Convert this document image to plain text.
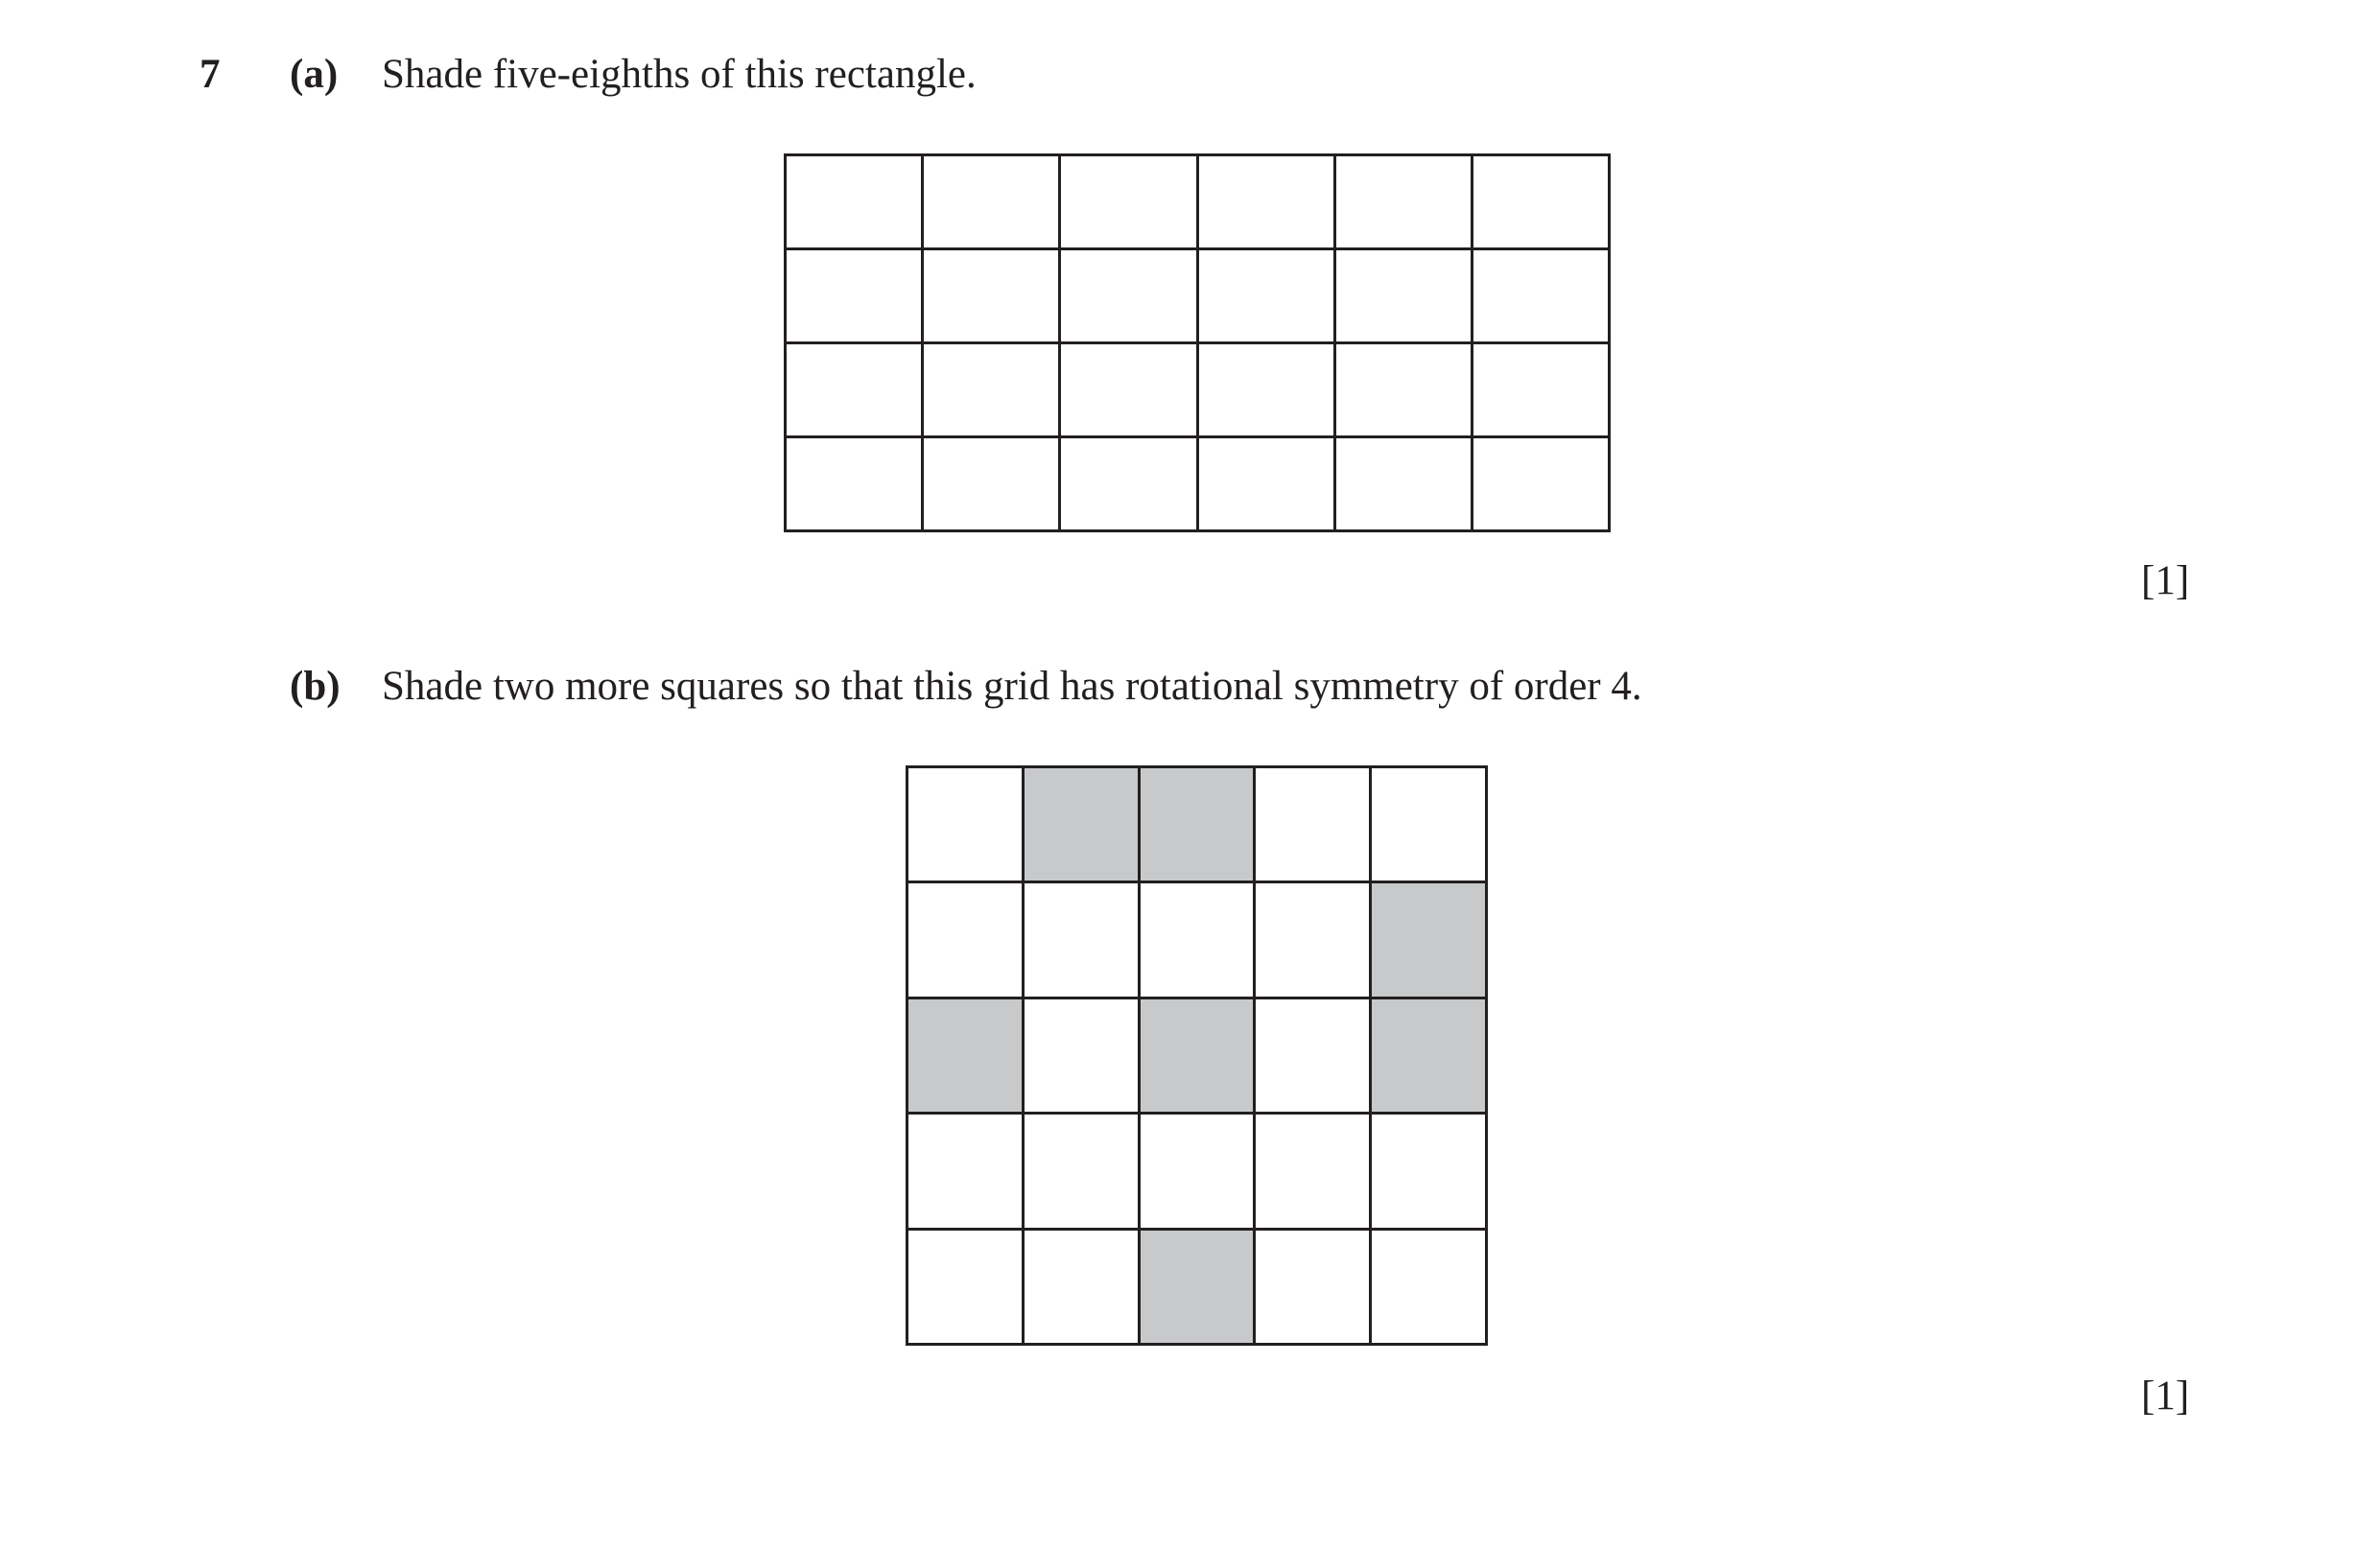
7 (a) Shade five-eighths of this rectangle.
[1]
(b) Shade two more squares so that this grid has rotational symmetry of order 4.
[1]
